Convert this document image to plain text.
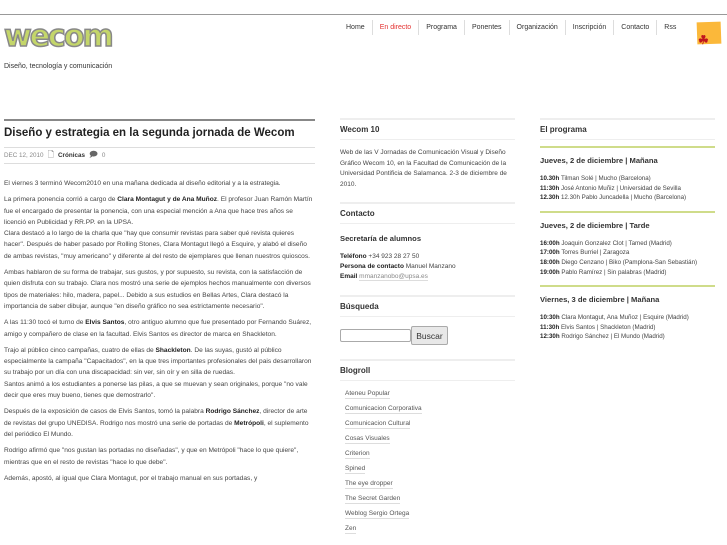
wecom
Diseño, tecnología y comunicación
Home	En directo	Programa	Ponentes	Organización	Inscripción	Contacto	Rss
☘
Diseño y estrategia en la segunda jornada de Wecom
DEC 12, 2010 🗋 Crónicas 🗩 0

El viernes 3 terminó Wecom2010 en una mañana dedicada al diseño editorial y a la estrategia.

La primera ponencia corrió a cargo de Clara Montagut y de Ana Muñoz. El profesor Juan Ramón Martín fue el encargado de presentar la ponencia, con una especial mención a Ana que hace tres años se licenció en Publicidad y RR.PP. en la UPSA.
Clara destacó a lo largo de la charla que "hay que consumir revistas para saber qué revista quieres hacer". Después de haber pasado por Rolling Stones, Clara Montagut llegó a Esquire, y alabó el diseño de ambas revistas, "muy americano" y diferente al del resto de ejemplares que llenan nuestros quioscos.

Ambas hablaron de su forma de trabajar, sus gustos, y por supuesto, su revista, con la satisfacción de quien disfruta con su trabajo. Clara nos mostró una serie de ejemplos hechos manualmente con diversos tipos de materiales: hilo, madera, papel... Debido a sus estudios en Bellas Artes, Clara destacó la importancia de saber dibujar, aunque "en diseño gráfico no sea estrictamente necesario".

A las 11:30 tocó el turno de Elvis Santos, otro antiguo alumno que fue presentado por Fernando Suárez, amigo y compañero de clase en la facultad. Elvis Santos es director de marca en Shackleton.

Trajo al público cinco campañas, cuatro de ellas de Shackleton. De las suyas, gustó al público especialmente la campaña "Capacitados", en la que tres importantes profesionales del pais desarrollaron su trabajo por un día con una discapacidad: sin ver, sin oír y en silla de ruedas.
Santos animó a los estudiantes a ponerse las pilas, a que se muevan y sean originales, porque "no vale decir que eres muy bueno, tienes que demostrarlo".

Después de la exposición de casos de Elvis Santos, tomó la palabra Rodrigo Sánchez, director de arte de revistas del grupo UNEDISA. Rodrigo nos mostró una serie de portadas de Metrópoli, el suplemento del periódico El Mundo.

Rodrigo afirmó que "nos gustan las portadas no diseñadas", y que en Metrópoli "hace lo que quiere", mientras que en el resto de revistas "hace lo que debe".

Además, apostó, al igual que Clara Montagut, por el trabajo manual en sus portadas, y

Wecom 10
Web de las V Jornadas de Comunicación Visual y Diseño Gráfico Wecom 10, en la Facultad de Comunicación de la Universidad Pontificia de Salamanca. 2-3 de diciembre de 2010.
Contacto
Secretaría de alumnos
Teléfono +34 923 28 27 50
Persona de contacto Manuel Manzano
Email mmanzanobo@upsa.es
Búsqueda
Buscar
Blogroll
Ateneu Popular
Comunicacion Corporativa
Comunicacion Cultural
Cosas Visuales
Criterion
Spined
The eye dropper
The Secret Garden
Weblog Sergio Ortega
Zen
El programa
Jueves, 2 de diciembre | Mañana
10.30h Tilman Solé | Mucho (Barcelona)
11:30h José Antonio Muñiz | Universidad de Sevilla
12.30h 12.30h Pablo Juncadella | Mucho (Barcelona)
Jueves, 2 de diciembre | Tarde
16:00h Joaquin Gonzalez Clot | Tamed (Madrid)
17:00h Torres Burriel | Zaragoza
18:00h Diego Cenzano | Biko (Pamplona-San Sebastián)
19:00h Pablo Ramírez | Sin palabras (Madrid)
Viernes, 3 de diciembre | Mañana
10:30h Clara Montagut, Ana Muñoz | Esquire (Madrid)
11:30h Elvis Santos | Shackleton (Madrid)
12:30h Rodrigo Sánchez | El Mundo (Madrid)
